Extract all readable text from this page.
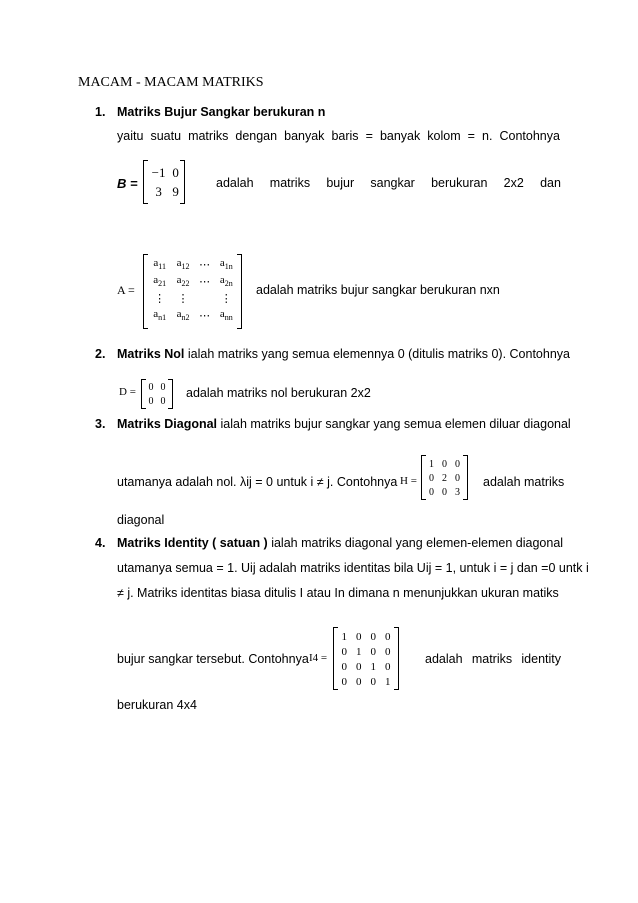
MACAM - MACAM MATRIKS
1. Matriks Bujur Sangkar berukuran n
yaitu suatu matriks dengan banyak baris = banyak kolom = n. Contohnya
B =
−1	0
3	9
adalah matriks bujur sangkar berukuran 2x2 dan
A =
$a_{11}$	$a_{12}$	⋯	$a_{1n}$
$a_{21}$	$a_{22}$	⋯	$a_{2n}$
⋮	⋮		⋮
$a_{n1}$	$a_{n2}$	⋯	$a_{nn}$
adalah matriks bujur sangkar berukuran nxn
2. Matriks Nol ialah matriks yang semua elemennya 0 (ditulis matriks 0). Contohnya
D = 0	0
0	0
adalah matriks nol berukuran 2x2
3. Matriks Diagonal ialah matriks bujur sangkar yang semua elemen diluar diagonal
utamanya adalah nol. λij = 0 untuk i ≠ j. Contohnya H =
1	0	0
0	2	0
0	0	3
adalah matriks
diagonal
4. Matriks Identity ( satuan ) ialah matriks diagonal yang elemen-elemen diagonal
utamanya semua = 1. Uij adalah matriks identitas bila Uij = 1, untuk i = j dan =0 untk i
≠ j. Matriks identitas biasa ditulis I atau In dimana n menunjukkan ukuran matiks
bujur sangkar tersebut. Contohnya I4 =
1	0	0	0
0	1	0	0
0	0	1	0
0	0	0	1
adalah matriks identity
berukuran 4x4
